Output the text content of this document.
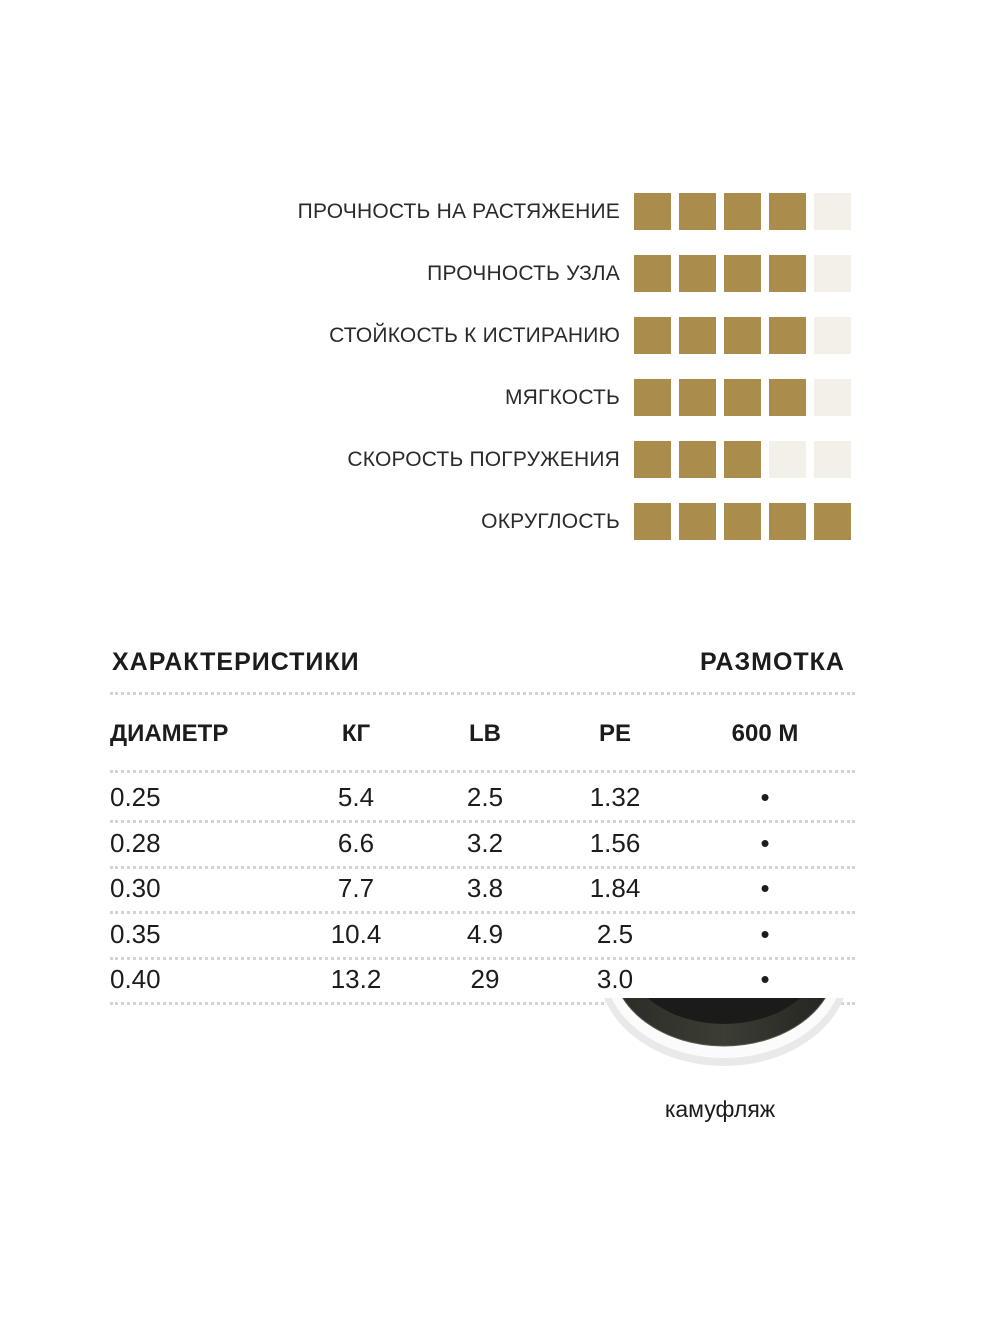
ПРОЧНОСТЬ НА РАСТЯЖЕНИЕ
ПРОЧНОСТЬ УЗЛА
СТОЙКОСТЬ К ИСТИРАНИЮ
МЯГКОСТЬ
СКОРОСТЬ ПОГРУЖЕНИЯ
ОКРУГЛОСТЬ
ХАРАКТЕРИСТИКИ	РАЗМОТКА
ДИАМЕТР	КГ	LB	PE	600 М
0.25	5.4	2.5	1.32	•
0.28	6.6	3.2	1.56	•
0.30	7.7	3.8	1.84	•
0.35	10.4	4.9	2.5	•
0.40	13.2	29	3.0	•
камуфляж
